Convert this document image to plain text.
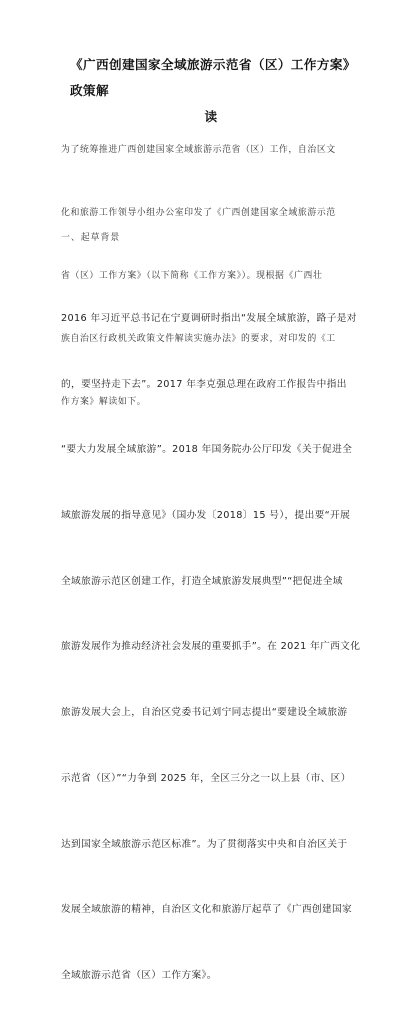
《广西创建国家全域旅游示范省（区）工作方案》政策解
读

为了统筹推进广西创建国家全域旅游示范省（区）工作，自治区文

化和旅游工作领导小组办公室印发了《广西创建国家全域旅游示范

省（区）工作方案》（以下简称《工作方案》）。现根据《广西壮

族自治区行政机关政策文件解读实施办法》的要求，对印发的《工

作方案》解读如下。

一、起草背景

2016 年习近平总书记在宁夏调研时指出“发展全域旅游，路子是对

的，要坚持走下去”。2017 年李克强总理在政府工作报告中指出

“要大力发展全域旅游”。2018 年国务院办公厅印发《关于促进全

域旅游发展的指导意见》（国办发〔2018〕15 号），提出要“开展

全域旅游示范区创建工作，打造全域旅游发展典型”“把促进全域

旅游发展作为推动经济社会发展的重要抓手”。在 2021 年广西文化

旅游发展大会上，自治区党委书记刘宁同志提出“要建设全域旅游

示范省（区）”“力争到 2025 年，全区三分之一以上县（市、区）

达到国家全域旅游示范区标准”。为了贯彻落实中央和自治区关于

发展全域旅游的精神，自治区文化和旅游厅起草了《广西创建国家

全域旅游示范省（区）工作方案》。
